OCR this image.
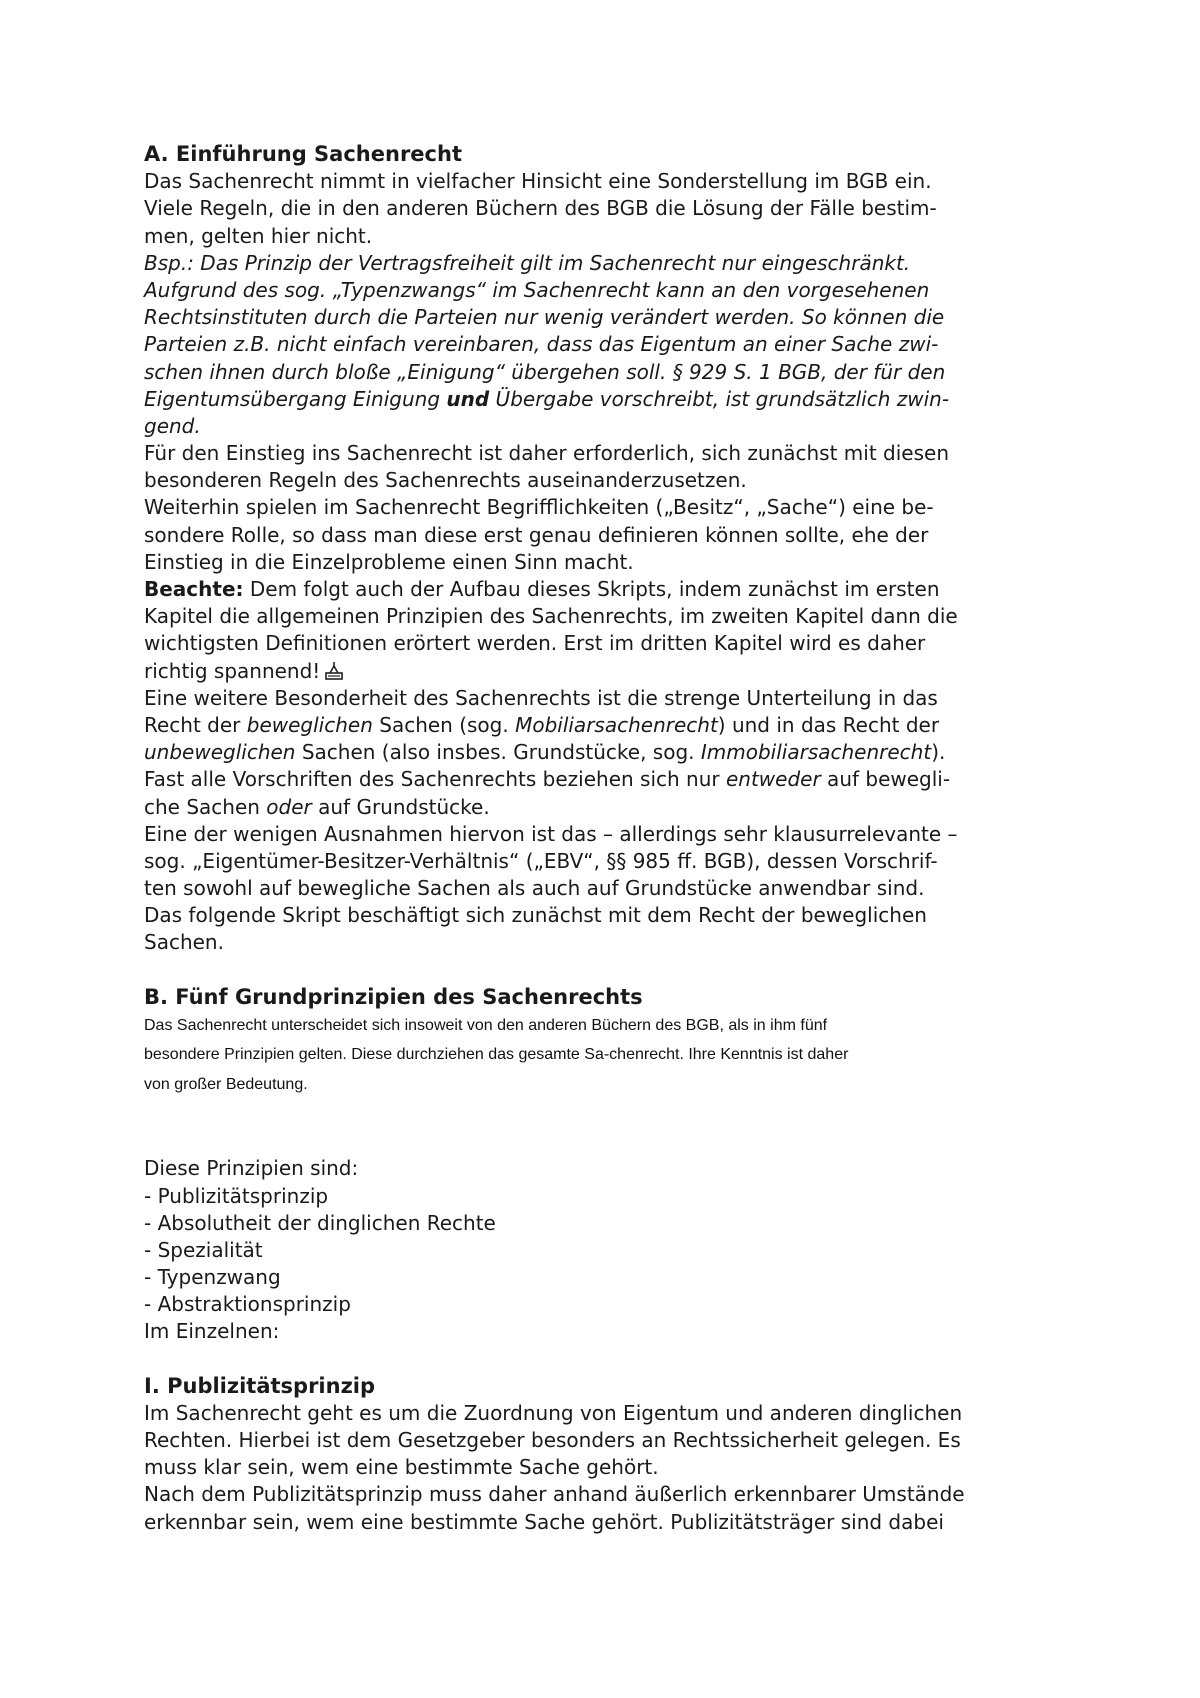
A. Einführung Sachenrecht
Das Sachenrecht nimmt in vielfacher Hinsicht eine Sonderstellung im BGB ein.
Viele Regeln, die in den anderen Büchern des BGB die Lösung der Fälle bestim-
men, gelten hier nicht.
Bsp.: Das Prinzip der Vertragsfreiheit gilt im Sachenrecht nur eingeschränkt.
Aufgrund des sog. „Typenzwangs“ im Sachenrecht kann an den vorgesehenen
Rechtsinstituten durch die Parteien nur wenig verändert werden. So können die
Parteien z.B. nicht einfach vereinbaren, dass das Eigentum an einer Sache zwi-
schen ihnen durch bloße „Einigung“ übergehen soll. § 929 S. 1 BGB, der für den
Eigentumsübergang Einigung und Übergabe vorschreibt, ist grundsätzlich zwin-
gend.
Für den Einstieg ins Sachenrecht ist daher erforderlich, sich zunächst mit diesen
besonderen Regeln des Sachenrechts auseinanderzusetzen.
Weiterhin spielen im Sachenrecht Begrifflichkeiten („Besitz“, „Sache“) eine be-
sondere Rolle, so dass man diese erst genau definieren können sollte, ehe der
Einstieg in die Einzelprobleme einen Sinn macht.
Beachte: Dem folgt auch der Aufbau dieses Skripts, indem zunächst im ersten
Kapitel die allgemeinen Prinzipien des Sachenrechts, im zweiten Kapitel dann die
wichtigsten Definitionen erörtert werden. Erst im dritten Kapitel wird es daher
richtig spannend!
Eine weitere Besonderheit des Sachenrechts ist die strenge Unterteilung in das
Recht der beweglichen Sachen (sog. Mobiliarsachenrecht) und in das Recht der
unbeweglichen Sachen (also insbes. Grundstücke, sog. Immobiliarsachenrecht).
Fast alle Vorschriften des Sachenrechts beziehen sich nur entweder auf bewegli-
che Sachen oder auf Grundstücke.
Eine der wenigen Ausnahmen hiervon ist das – allerdings sehr klausurrelevante –
sog. „Eigentümer-Besitzer-Verhältnis“ („EBV“, §§ 985 ff. BGB), dessen Vorschrif-
ten sowohl auf bewegliche Sachen als auch auf Grundstücke anwendbar sind.
Das folgende Skript beschäftigt sich zunächst mit dem Recht der beweglichen
Sachen.
B. Fünf Grundprinzipien des Sachenrechts
Das Sachenrecht unterscheidet sich insoweit von den anderen Büchern des BGB, als in ihm fünf
besondere Prinzipien gelten. Diese durchziehen das gesamte Sa-chenrecht. Ihre Kenntnis ist daher
von großer Bedeutung.
Diese Prinzipien sind:
- Publizitätsprinzip
- Absolutheit der dinglichen Rechte
- Spezialität
- Typenzwang
- Abstraktionsprinzip
Im Einzelnen:
I. Publizitätsprinzip
Im Sachenrecht geht es um die Zuordnung von Eigentum und anderen dinglichen
Rechten. Hierbei ist dem Gesetzgeber besonders an Rechtssicherheit gelegen. Es
muss klar sein, wem eine bestimmte Sache gehört.
Nach dem Publizitätsprinzip muss daher anhand äußerlich erkennbarer Umstände
erkennbar sein, wem eine bestimmte Sache gehört. Publizitätsträger sind dabei
